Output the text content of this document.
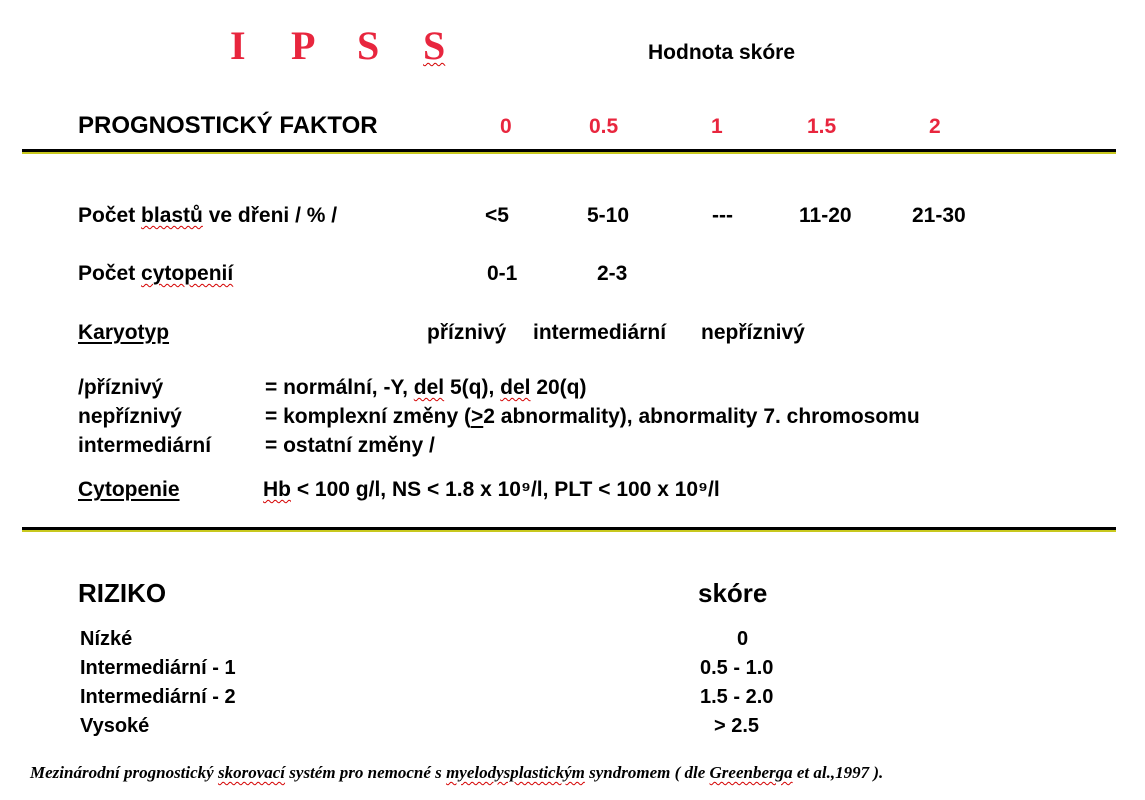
I P S S	Hodnota skóre
PROGNOSTICKÝ FAKTOR	0	0.5	1	1.5	2
Počet blastů ve dřeni / % /	<5	5-10	---	11-20	21-30
Počet cytopenií	0-1	2-3
Karyotyp	příznivý intermediární nepříznivý
/příznivý	= normální, -Y, del 5(q), del 20(q)
nepříznivý	= komplexní změny (>2 abnormality), abnormality 7. chromosomu
intermediární	= ostatní změny /
Cytopenie	Hb < 100 g/l, NS < 1.8 x 10⁹/l, PLT < 100 x 10⁹/l
RIZIKO	skóre
Nízké	0
Intermediární - 1	0.5 - 1.0
Intermediární - 2	1.5 - 2.0
Vysoké	> 2.5
Mezinárodní prognostický skorovací systém pro nemocné s myelodysplastickým syndromem ( dle Greenberga et al.,1997 ).
